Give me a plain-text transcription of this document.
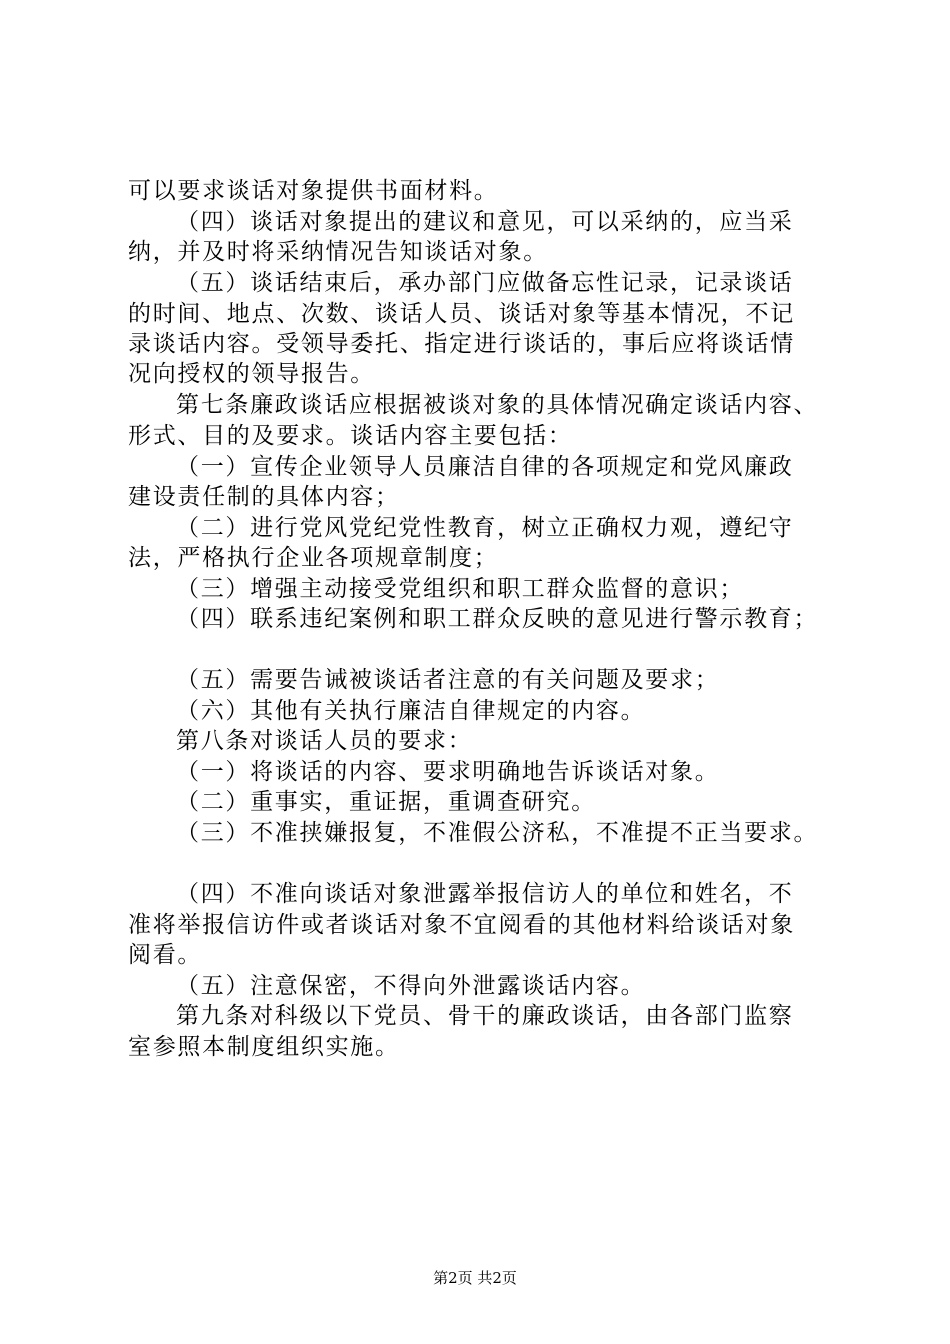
可以要求谈话对象提供书面材料。
（四）谈话对象提出的建议和意见，可以采纳的，应当采
纳，并及时将采纳情况告知谈话对象。
（五）谈话结束后，承办部门应做备忘性记录，记录谈话
的时间、地点、次数、谈话人员、谈话对象等基本情况，不记
录谈话内容。受领导委托、指定进行谈话的，事后应将谈话情
况向授权的领导报告。
第七条廉政谈话应根据被谈对象的具体情况确定谈话内容、
形式、目的及要求。谈话内容主要包括：
（一）宣传企业领导人员廉洁自律的各项规定和党风廉政
建设责任制的具体内容；
（二）进行党风党纪党性教育，树立正确权力观，遵纪守
法，严格执行企业各项规章制度；
（三）增强主动接受党组织和职工群众监督的意识；
（四）联系违纪案例和职工群众反映的意见进行警示教育；
（五）需要告诫被谈话者注意的有关问题及要求；
（六）其他有关执行廉洁自律规定的内容。
第八条对谈话人员的要求：
（一）将谈话的内容、要求明确地告诉谈话对象。
（二）重事实，重证据，重调查研究。
（三）不准挟嫌报复，不准假公济私，不准提不正当要求。
（四）不准向谈话对象泄露举报信访人的单位和姓名，不
准将举报信访件或者谈话对象不宜阅看的其他材料给谈话对象
阅看。
（五）注意保密，不得向外泄露谈话内容。
第九条对科级以下党员、骨干的廉政谈话，由各部门监察
室参照本制度组织实施。
第2页 共2页
